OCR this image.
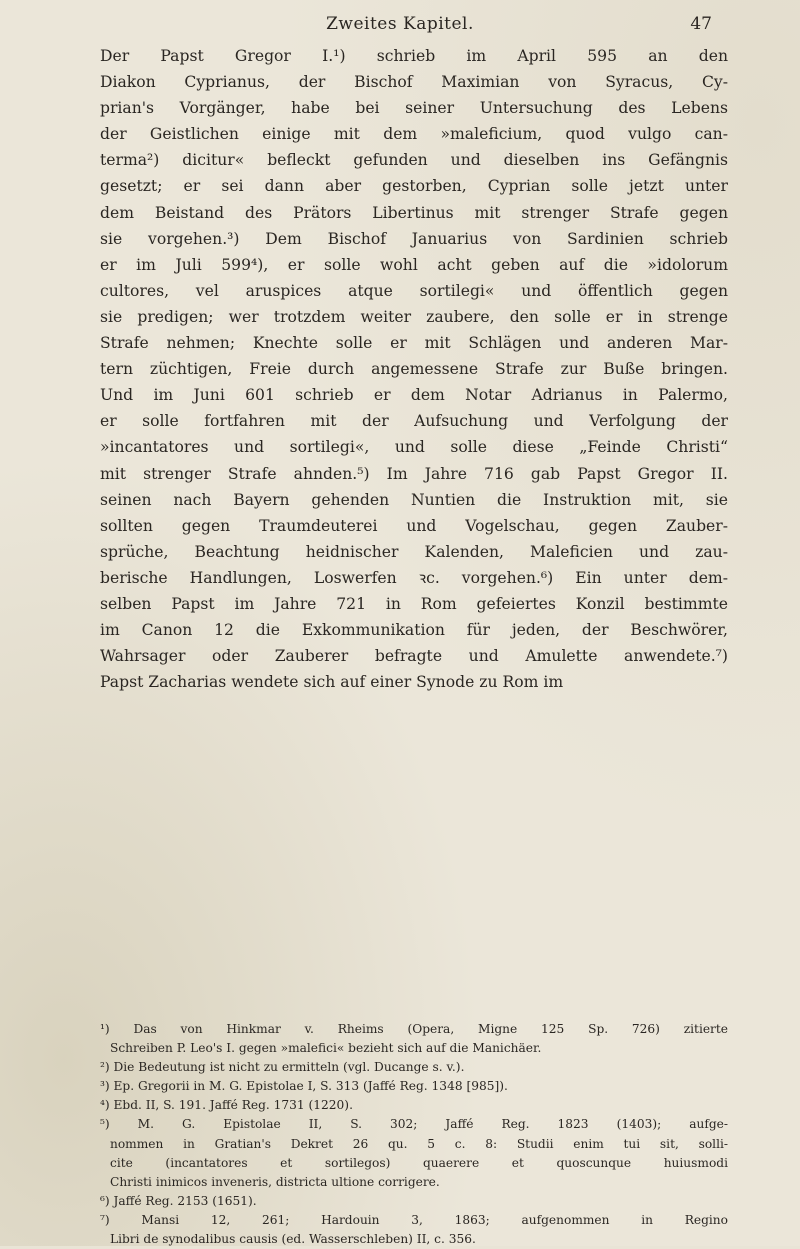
Zweites Kapitel.	47
Der Papst Gregor I.¹) schrieb im April 595 an den
Diakon Cyprianus, der Bischof Maximian von Syracus, Cy-
prian's Vorgänger, habe bei seiner Untersuchung des Lebens
der Geistlichen einige mit dem »maleficium, quod vulgo can-
terma²) dicitur« befleckt gefunden und dieselben ins Gefängnis
gesetzt; er sei dann aber gestorben, Cyprian solle jetzt unter
dem Beistand des Prätors Libertinus mit strenger Strafe gegen
sie vorgehen.³) Dem Bischof Januarius von Sardinien schrieb
er im Juli 599⁴), er solle wohl acht geben auf die »idolorum
cultores, vel aruspices atque sortilegi« und öffentlich gegen
sie predigen; wer trotzdem weiter zaubere, den solle er in strenge
Strafe nehmen; Knechte solle er mit Schlägen und anderen Mar-
tern züchtigen, Freie durch angemessene Strafe zur Buße bringen.
Und im Juni 601 schrieb er dem Notar Adrianus in Palermo,
er solle fortfahren mit der Aufsuchung und Verfolgung der
»incantatores und sortilegi«, und solle diese „Feinde Christi“
mit strenger Strafe ahnden.⁵) Im Jahre 716 gab Papst Gregor II.
seinen nach Bayern gehenden Nuntien die Instruktion mit, sie
sollten gegen Traumdeuterei und Vogelschau, gegen Zauber-
sprüche, Beachtung heidnischer Kalenden, Maleficien und zau-
berische Handlungen, Loswerfen ꝛc. vorgehen.⁶) Ein unter dem-
selben Papst im Jahre 721 in Rom gefeiertes Konzil bestimmte
im Canon 12 die Exkommunikation für jeden, der Beschwörer,
Wahrsager oder Zauberer befragte und Amulette anwendete.⁷)
Papst Zacharias wendete sich auf einer Synode zu Rom im
¹) Das von Hinkmar v. Rheims (Opera, Migne 125 Sp. 726) zitierte
Schreiben P. Leo's I. gegen »malefici« bezieht sich auf die Manichäer.
²) Die Bedeutung ist nicht zu ermitteln (vgl. Ducange s. v.).
³) Ep. Gregorii in M. G. Epistolae I, S. 313 (Jaffé Reg. 1348 [985]).
⁴) Ebd. II, S. 191. Jaffé Reg. 1731 (1220).
⁵) M. G. Epistolae II, S. 302; Jaffé Reg. 1823 (1403); aufge-
nommen in Gratian's Dekret 26 qu. 5 c. 8: Studii enim tui sit, solli-
cite (incantatores et sortilegos) quaerere et quoscunque huiusmodi
Christi inimicos inveneris, districta ultione corrigere.
⁶) Jaffé Reg. 2153 (1651).
⁷) Mansi 12, 261; Hardouin 3, 1863; aufgenommen in Regino
Libri de synodalibus causis (ed. Wasserschleben) II, c. 356.
